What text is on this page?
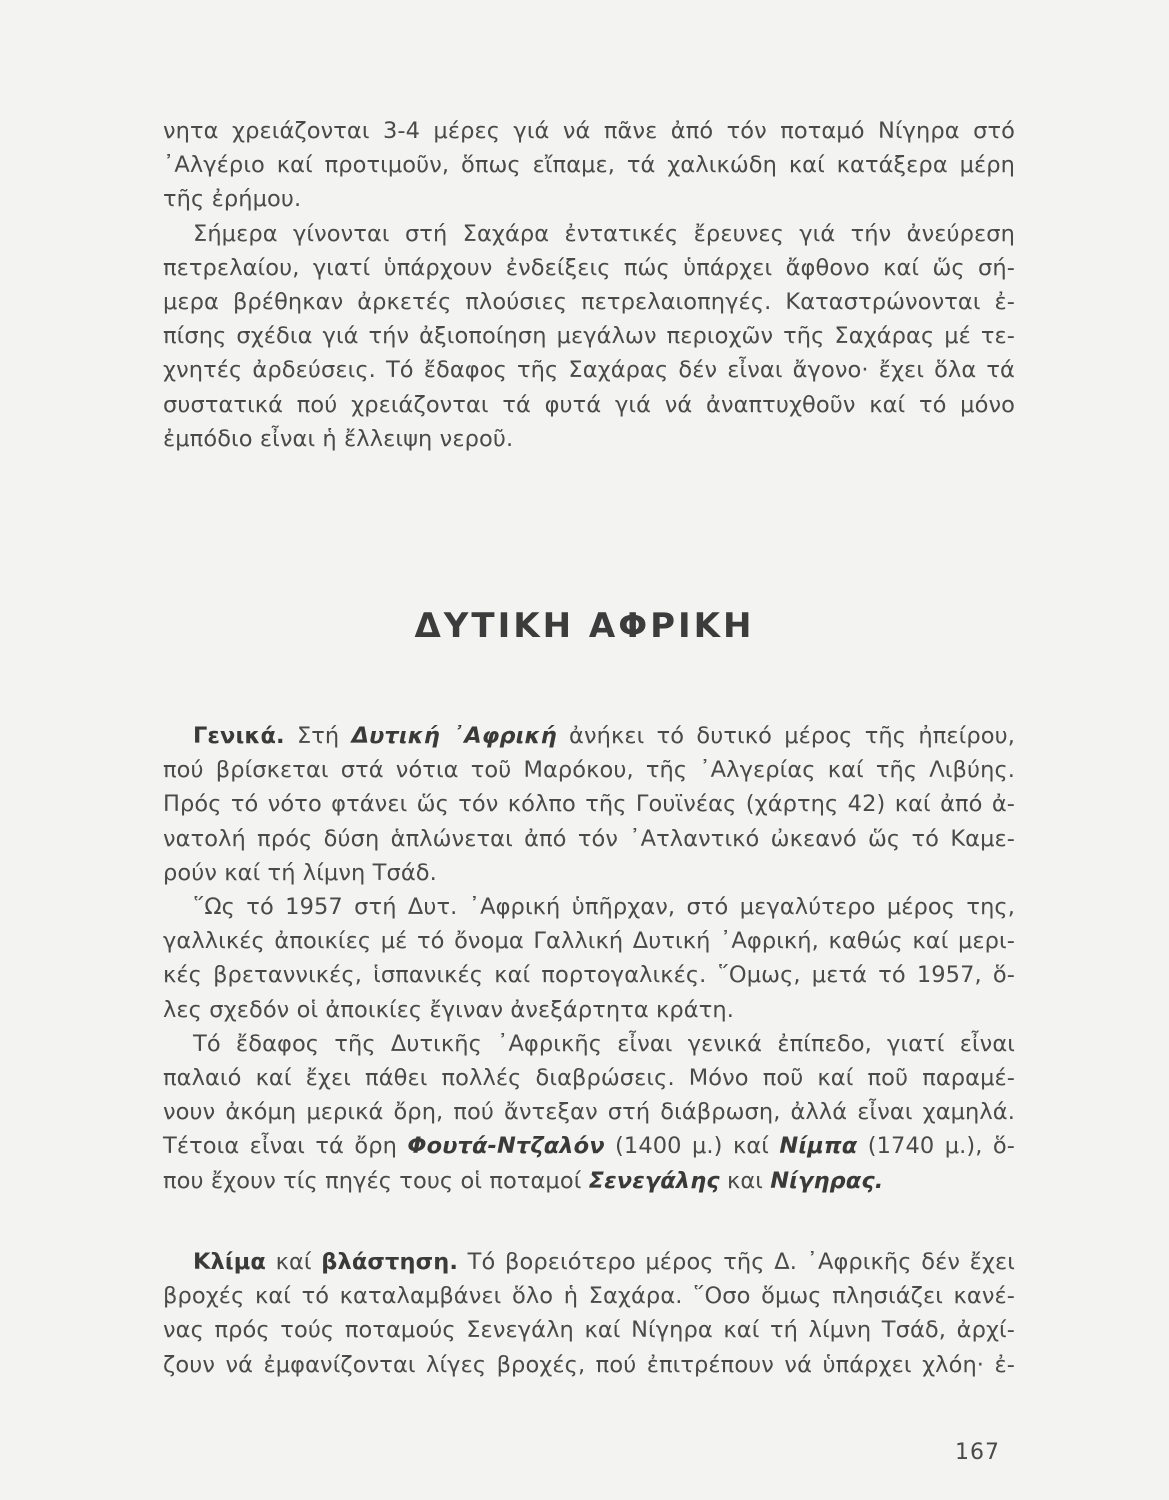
νητα χρειάζονται 3-4 μέρες γιά νά πᾶνε ἀπό τόν ποταμό Νίγηρα στό
᾿Αλγέριο καί προτιμοῦν, ὅπως εἴπαμε, τά χαλικώδη καί κατάξερα μέρη
τῆς ἐρήμου.
Σήμερα γίνονται στή Σαχάρα ἐντατικές ἔρευνες γιά τήν ἀνεύρεση
πετρελαίου, γιατί ὑπάρχουν ἐνδείξεις πώς ὑπάρχει ἄφθονο καί ὥς σή-
μερα βρέθηκαν ἀρκετές πλούσιες πετρελαιοπηγές. Καταστρώνονται ἐ-
πίσης σχέδια γιά τήν ἀξιοποίηση μεγάλων περιοχῶν τῆς Σαχάρας μέ τε-
χνητές ἀρδεύσεις. Τό ἔδαφος τῆς Σαχάρας δέν εἶναι ἄγονο· ἔχει ὅλα τά
συστατικά πού χρειάζονται τά φυτά γιά νά ἀναπτυχθοῦν καί τό μόνο
ἐμπόδιο εἶναι ἡ ἔλλειψη νεροῦ.
ΔΥΤΙΚΗ ΑΦΡΙΚΗ
Γενικά. Στή Δυτική ᾿Αφρική ἀνήκει τό δυτικό μέρος τῆς ἠπείρου,
πού βρίσκεται στά νότια τοῦ Μαρόκου, τῆς ᾿Αλγερίας καί τῆς Λιβύης.
Πρός τό νότο φτάνει ὥς τόν κόλπο τῆς Γουϊνέας (χάρτης 42) καί ἀπό ἀ-
νατολή πρός δύση ἁπλώνεται ἀπό τόν ᾿Ατλαντικό ὠκεανό ὥς τό Καμε-
ρούν καί τή λίμνη Τσάδ.
῞Ως τό 1957 στή Δυτ. ᾿Αφρική ὑπῆρχαν, στό μεγαλύτερο μέρος της,
γαλλικές ἀποικίες μέ τό ὄνομα Γαλλική Δυτική ᾿Αφρική, καθώς καί μερι-
κές βρεταννικές, ἱσπανικές καί πορτογαλικές. ῞Ομως, μετά τό 1957, ὅ-
λες σχεδόν οἱ ἀποικίες ἔγιναν ἀνεξάρτητα κράτη.
Τό ἔδαφος τῆς Δυτικῆς ᾿Αφρικῆς εἶναι γενικά ἐπίπεδο, γιατί εἶναι
παλαιό καί ἔχει πάθει πολλές διαβρώσεις. Μόνο ποῦ καί ποῦ παραμέ-
νουν ἀκόμη μερικά ὄρη, πού ἄντεξαν στή διάβρωση, ἀλλά εἶναι χαμηλά.
Τέτοια εἶναι τά ὄρη Φουτά-Ντζαλόν (1400 μ.) καί Νίμπα (1740 μ.), ὅ-
που ἔχουν τίς πηγές τους οἱ ποταμοί Σενεγάλης και Νίγηρας.
Κλίμα καί βλάστηση. Τό βορειότερο μέρος τῆς Δ. ᾿Αφρικῆς δέν ἔχει
βροχές καί τό καταλαμβάνει ὅλο ἡ Σαχάρα. ῞Οσο ὅμως πλησιάζει κανέ-
νας πρός τούς ποταμούς Σενεγάλη καί Νίγηρα καί τή λίμνη Τσάδ, ἀρχί-
ζουν νά ἐμφανίζονται λίγες βροχές, πού ἐπιτρέπουν νά ὑπάρχει χλόη· ἐ-
167
